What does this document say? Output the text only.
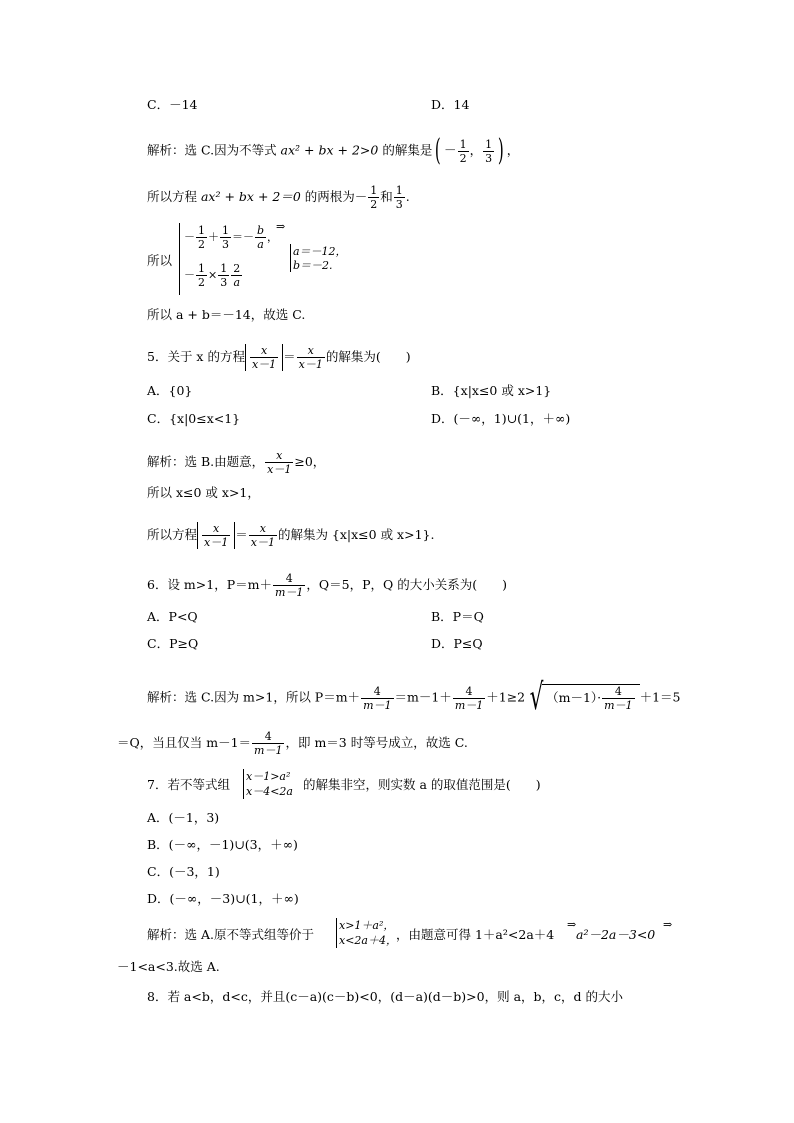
C．－14	D．14
解析：选 C.因为不等式 ax² + bx + 2>0 的解集是( － $\frac{1}{2}$ ， $\frac{1}{3}$ ) ，
所以方程 ax² + bx + 2＝0 的两根为－ $\frac{1}{2}$ 和 $\frac{1}{3}$ .
所以
－ $\frac{1}{2} + \frac{1}{3} =- \frac{b}{a}$ ，
⇒
－ $\frac{1}{2} \times \frac{1}{3} \frac{2}{a}$
a＝－12，
b＝－2.
所以 a + b＝－14，故选 C.
5．关于 x 的方程 $\frac{x}{x-1} = \frac{x}{x-1}$ 的解集为(　　)
A．{0}	B．{x|x≤0 或 x>1}
C．{x|0≤x<1}	D．(－∞，1)∪(1，＋∞)
解析：选 B.由题意， $\frac{x}{x-1} \ge 0$，
所以 x≤0 或 x>1，
所以方程 $\frac{x}{x-1} = \frac{x}{x-1}$ 的解集为 {x|x≤0 或 x>1}.
6．设 m>1，$P=m+ \frac{4}{m-1}$ ，Q＝5，P，Q 的大小关系为(　　)
A．P<Q	B．P＝Q
C．P≥Q	D．P≤Q
解析：选 C.因为 m>1，所以 $P=m+ \frac{4}{m-1} =m-1+ \frac{4}{m-1} +1\ge 2$ √ $(m-1)\cdot \frac{4}{m-1} +1=5$
＝Q，当且仅当 $m-1= \frac{4}{m-1}$ ，即 m＝3 时等号成立，故选 C.
7．若不等式组
x－1>a²
x－4<2a 的解集非空，则实数 a 的取值范围是(　　)
A．(－1，3)
B．(－∞，－1)∪(3，＋∞)
C．(－3，1)
D．(－∞，－3)∪(1，＋∞)
解析：选 A.原不等式组等价于
x>1＋a²，
x<2a＋4， ，由题意可得 1＋a²<2a＋4
⇒
a²－2a－3<0
⇒
－1<a<3.故选 A.
8．若 a<b，d<c，并且(c－a)(c－b)<0，(d－a)(d－b)>0，则 a，b，c，d 的大小
